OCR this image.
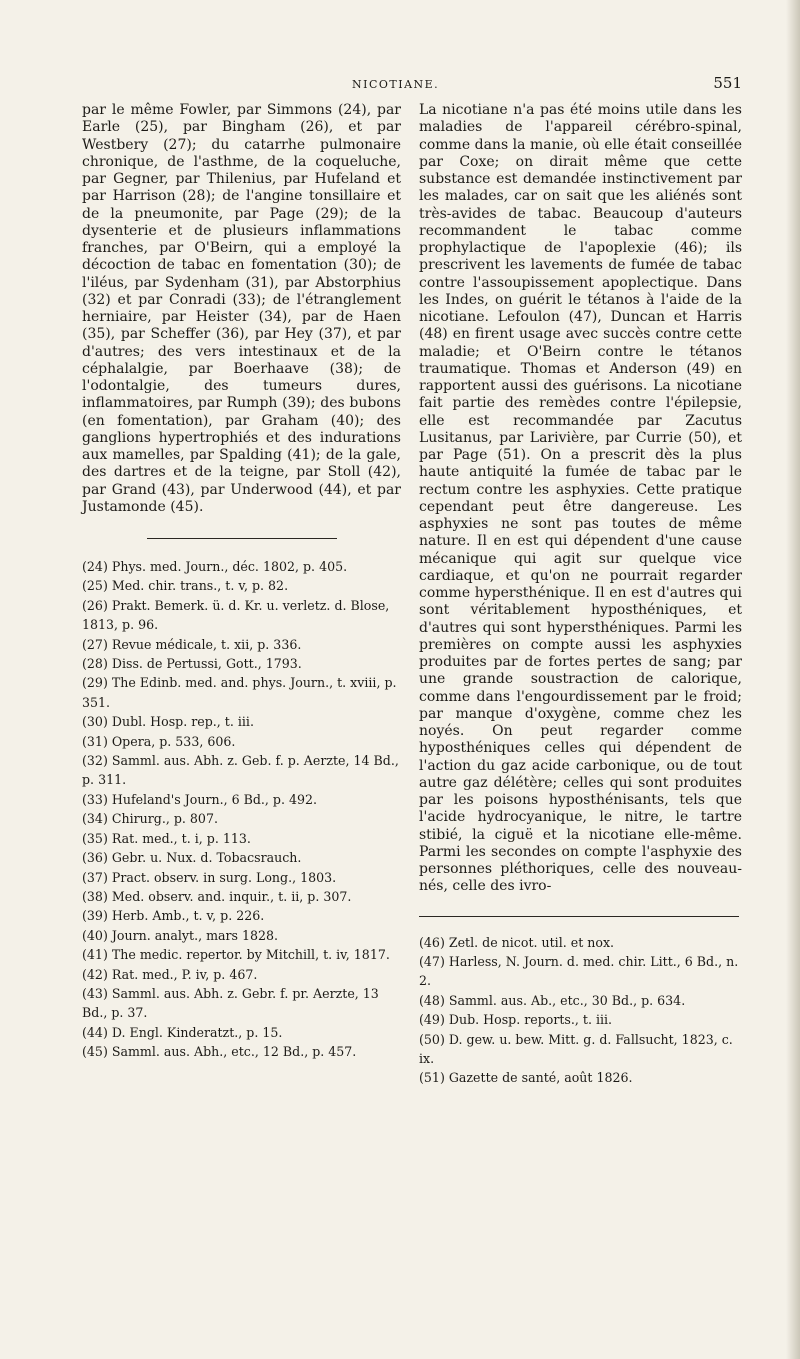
NICOTIANE.	551

par le même Fowler, par Simmons (24), par Earle (25), par Bingham (26), et par Westbery (27); du catarrhe pulmonaire chronique, de l'asthme, de la coqueluche, par Gegner, par Thilenius, par Hufeland et par Harrison (28); de l'angine tonsillaire et de la pneumonite, par Page (29); de la dysenterie et de plusieurs inflammations franches, par O'Beirn, qui a employé la décoction de tabac en fomentation (30); de l'iléus, par Sydenham (31), par Abstorphius (32) et par Conradi (33); de l'étranglement herniaire, par Heister (34), par de Haen (35), par Scheffer (36), par Hey (37), et par d'autres; des vers intestinaux et de la céphalalgie, par Boerhaave (38); de l'odontalgie, des tumeurs dures, inflammatoires, par Rumph (39); des bubons (en fomentation), par Graham (40); des ganglions hypertrophiés et des indurations aux mamelles, par Spalding (41); de la gale, des dartres et de la teigne, par Stoll (42), par Grand (43), par Underwood (44), et par Justamonde (45).

(24) Phys. med. Journ., déc. 1802, p. 405.

(25) Med. chir. trans., t. v, p. 82.

(26) Prakt. Bemerk. ü. d. Kr. u. verletz. d. Blose, 1813, p. 96.

(27) Revue médicale, t. xii, p. 336.

(28) Diss. de Pertussi, Gott., 1793.

(29) The Edinb. med. and. phys. Journ., t. xviii, p. 351.

(30) Dubl. Hosp. rep., t. iii.

(31) Opera, p. 533, 606.

(32) Samml. aus. Abh. z. Geb. f. p. Aerzte, 14 Bd., p. 311.

(33) Hufeland's Journ., 6 Bd., p. 492.

(34) Chirurg., p. 807.

(35) Rat. med., t. i, p. 113.

(36) Gebr. u. Nux. d. Tobacsrauch.

(37) Pract. observ. in surg. Long., 1803.

(38) Med. observ. and. inquir., t. ii, p. 307.

(39) Herb. Amb., t. v, p. 226.

(40) Journ. analyt., mars 1828.

(41) The medic. repertor. by Mitchill, t. iv, 1817.

(42) Rat. med., P. iv, p. 467.

(43) Samml. aus. Abh. z. Gebr. f. pr. Aerzte, 13 Bd., p. 37.

(44) D. Engl. Kinderatzt., p. 15.

(45) Samml. aus. Abh., etc., 12 Bd., p. 457.

La nicotiane n'a pas été moins utile dans les maladies de l'appareil cérébro-spinal, comme dans la manie, où elle était conseillée par Coxe; on dirait même que cette substance est demandée instinctivement par les malades, car on sait que les aliénés sont très-avides de tabac. Beaucoup d'auteurs recommandent le tabac comme prophylactique de l'apoplexie (46); ils prescrivent les lavements de fumée de tabac contre l'assoupissement apoplectique. Dans les Indes, on guérit le tétanos à l'aide de la nicotiane. Lefoulon (47), Duncan et Harris (48) en firent usage avec succès contre cette maladie; et O'Beirn contre le tétanos traumatique. Thomas et Anderson (49) en rapportent aussi des guérisons. La nicotiane fait partie des remèdes contre l'épilepsie, elle est recommandée par Zacutus Lusitanus, par Larivière, par Currie (50), et par Page (51). On a prescrit dès la plus haute antiquité la fumée de tabac par le rectum contre les asphyxies. Cette pratique cependant peut être dangereuse. Les asphyxies ne sont pas toutes de même nature. Il en est qui dépendent d'une cause mécanique qui agit sur quelque vice cardiaque, et qu'on ne pourrait regarder comme hypersthénique. Il en est d'autres qui sont véritablement hyposthéniques, et d'autres qui sont hypersthéniques. Parmi les premières on compte aussi les asphyxies produites par de fortes pertes de sang; par une grande soustraction de calorique, comme dans l'engourdissement par le froid; par manque d'oxygène, comme chez les noyés. On peut regarder comme hyposthéniques celles qui dépendent de l'action du gaz acide carbonique, ou de tout autre gaz délétère; celles qui sont produites par les poisons hyposthénisants, tels que l'acide hydrocyanique, le nitre, le tartre stibié, la ciguë et la nicotiane elle-même. Parmi les secondes on compte l'asphyxie des personnes pléthoriques, celle des nouveau-nés, celle des ivro-

(46) Zetl. de nicot. util. et nox.

(47) Harless, N. Journ. d. med. chir. Litt., 6 Bd., n. 2.

(48) Samml. aus. Ab., etc., 30 Bd., p. 634.

(49) Dub. Hosp. reports., t. iii.

(50) D. gew. u. bew. Mitt. g. d. Fallsucht, 1823, c. ix.

(51) Gazette de santé, août 1826.
